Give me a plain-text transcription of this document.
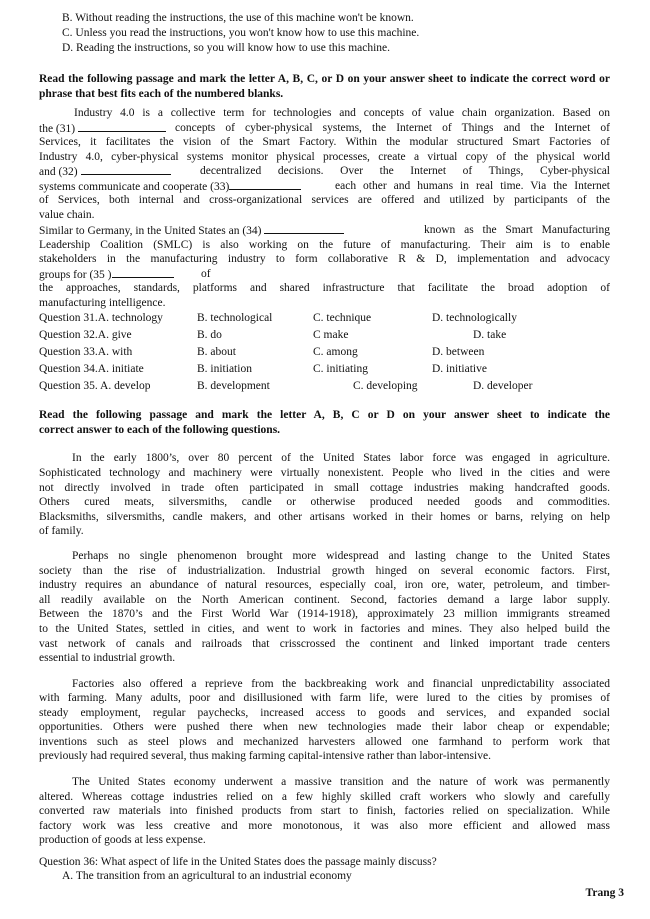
B. Without reading the instructions, the use of this machine won't be known.

C. Unless you read the instructions, you won't know how to use this machine.

D. Reading the instructions, so you will know how to use this machine.

Read the following passage and mark the letter A, B, C, or D on your answer sheet to indicate the correct word or phrase that best fits each of the numbered blanks.

Industry 4.0 is a collective term for technologies and concepts of value chain organization. Based on

the (31)	concepts of cyber-physical systems, the Internet of Things and the Internet of

Services, it facilitates the vision of the Smart Factory. Within the modular structured Smart Factories of

Industry 4.0, cyber-physical systems monitor physical processes, create a virtual copy of the physical world

and (32)	decentralized decisions. Over the Internet of Things, Cyber-physical

systems communicate and cooperate (33)	each other and humans in real time. Via the Internet

of Services, both internal and cross-organizational services are offered and utilized by participants of the

value chain.

Similar to Germany, in the United States an (34)	known as the Smart Manufacturing

Leadership Coalition (SMLC) is also working on the future of manufacturing. Their aim is to enable

stakeholders in the manufacturing industry to form collaborative R & D, implementation and advocacy

groups for (35 )	of

the approaches, standards, platforms and shared infrastructure that facilitate the broad adoption of

manufacturing intelligence.

Question 31.A. technology	B. technological	C. technique	D. technologically

Question 32.A. give	B. do	C make	D. take

Question 33.A. with	B. about	C. among	D. between

Question 34.A. initiate	B. initiation	C. initiating	D. initiative

Question 35. A. develop	B. development	C. developing	D. developer

Read the following passage and mark the letter A, B, C or D on your answer sheet to indicate the

correct answer to each of the following questions.

In the early 1800’s, over 80 percent of the United States labor force was engaged in agriculture.

Sophisticated technology and machinery were virtually nonexistent. People who lived in the cities and were

not directly involved in trade often participated in small cottage industries making handcrafted goods.

Others cured meats, silversmiths, candle or otherwise produced needed goods and commodities.

Blacksmiths, silversmiths, candle makers, and other artisans worked in their homes or barns, relying on help

of family.

Perhaps no single phenomenon brought more widespread and lasting change to the United States

society than the rise of industrialization. Industrial growth hinged on several economic factors. First,

industry requires an abundance of natural resources, especially coal, iron ore, water, petroleum, and timber-

all readily available on the North American continent. Second, factories demand a large labor supply.

Between the 1870’s and the First World War (1914-1918), approximately 23 million immigrants streamed

to the United States, settled in cities, and went to work in factories and mines. They also helped build the

vast network of canals and railroads that crisscrossed the continent and linked important trade centers

essential to industrial growth.

Factories also offered a reprieve from the backbreaking work and financial unpredictability associated

with farming. Many adults, poor and disillusioned with farm life, were lured to the cities by promises of

steady employment, regular paychecks, increased access to goods and services, and expanded social

opportunities. Others were pushed there when new technologies made their labor cheap or expendable;

inventions such as steel plows and mechanized harvesters allowed one farmhand to perform work that

previously had required several, thus making farming capital-intensive rather than labor-intensive.

The United States economy underwent a massive transition and the nature of work was permanently

altered. Whereas cottage industries relied on a few highly skilled craft workers who slowly and carefully

converted raw materials into finished products from start to finish, factories relied on specialization. While

factory work was less creative and more monotonous, it was also more efficient and allowed mass

production of goods at less expense.

Question 36: What aspect of life in the United States does the passage mainly discuss?

A. The transition from an agricultural to an industrial economy

Trang 3
